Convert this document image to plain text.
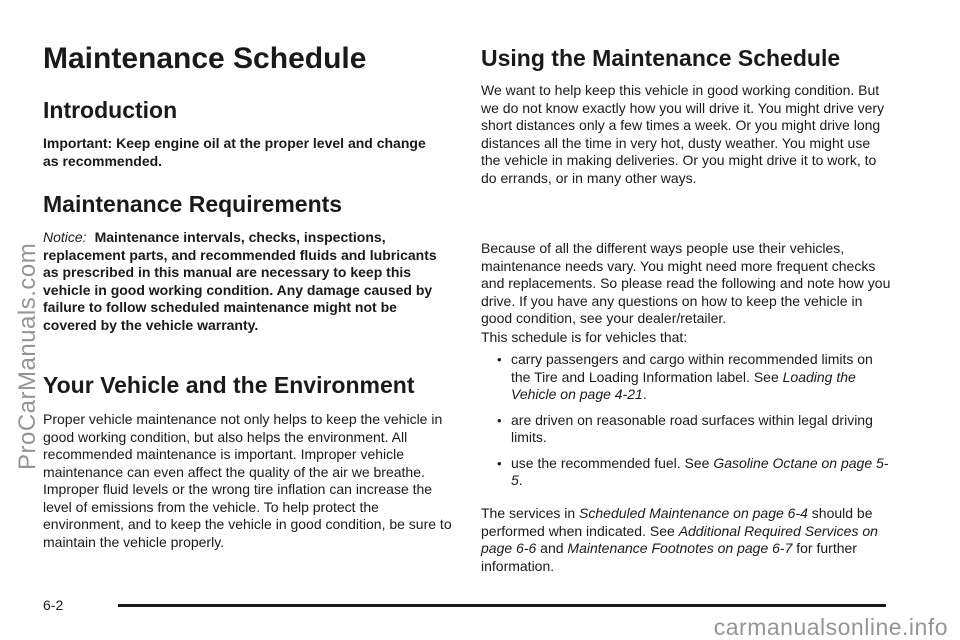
Maintenance Schedule
Introduction

Important: Keep engine oil at the proper level and change as recommended.

Maintenance Requirements

Notice: Maintenance intervals, checks, inspections, replacement parts, and recommended fluids and lubricants as prescribed in this manual are necessary to keep this vehicle in good working condition. Any damage caused by failure to follow scheduled maintenance might not be covered by the vehicle warranty.

Your Vehicle and the Environment

Proper vehicle maintenance not only helps to keep the vehicle in good working condition, but also helps the environment. All recommended maintenance is important. Improper vehicle maintenance can even affect the quality of the air we breathe. Improper fluid levels or the wrong tire inflation can increase the level of emissions from the vehicle. To help protect the environment, and to keep the vehicle in good condition, be sure to maintain the vehicle properly.

Using the Maintenance Schedule

We want to help keep this vehicle in good working condition. But we do not know exactly how you will drive it. You might drive very short distances only a few times a week. Or you might drive long distances all the time in very hot, dusty weather. You might use the vehicle in making deliveries. Or you might drive it to work, to do errands, or in many other ways.

Because of all the different ways people use their vehicles, maintenance needs vary. You might need more frequent checks and replacements. So please read the following and note how you drive. If you have any questions on how to keep the vehicle in good condition, see your dealer/retailer.

This schedule is for vehicles that:

• carry passengers and cargo within recommended limits on the Tire and Loading Information label. See Loading the Vehicle on page 4-21.
• are driven on reasonable road surfaces within legal driving limits.
• use the recommended fuel. See Gasoline Octane on page 5-5.

The services in Scheduled Maintenance on page 6-4 should be performed when indicated. See Additional Required Services on page 6-6 and Maintenance Footnotes on page 6-7 for further information.

6-2
ProCarManuals.com
carmanualsonline.info
